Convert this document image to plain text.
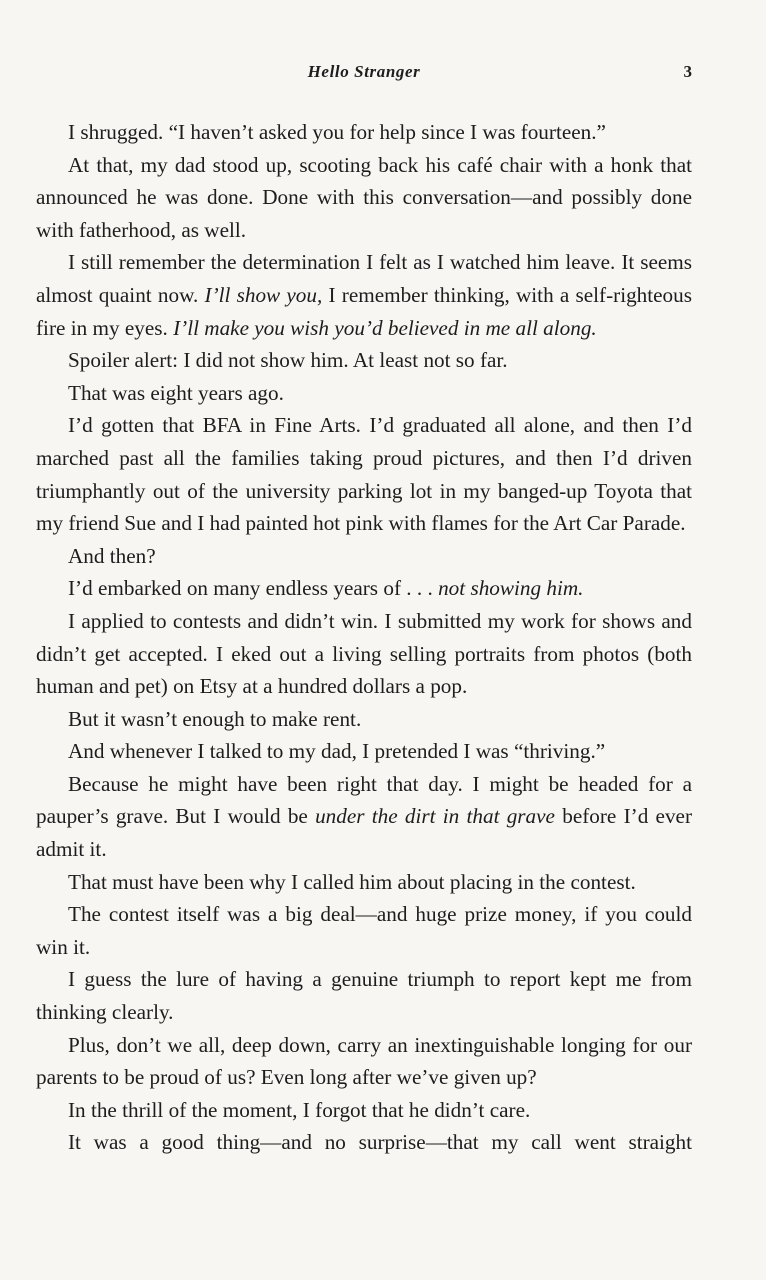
Hello Stranger	3

I shrugged. “I haven’t asked you for help since I was fourteen.”

At that, my dad stood up, scooting back his café chair with a honk that announced he was done. Done with this conversation—and possibly done with fatherhood, as well.

I still remember the determination I felt as I watched him leave. It seems almost quaint now. I’ll show you, I remember thinking, with a self-righteous fire in my eyes. I’ll make you wish you’d believed in me all along.

Spoiler alert: I did not show him. At least not so far.

That was eight years ago.

I’d gotten that BFA in Fine Arts. I’d graduated all alone, and then I’d marched past all the families taking proud pictures, and then I’d driven triumphantly out of the university parking lot in my banged-up Toyota that my friend Sue and I had painted hot pink with flames for the Art Car Parade.

And then?

I’d embarked on many endless years of . . . not showing him.

I applied to contests and didn’t win. I submitted my work for shows and didn’t get accepted. I eked out a living selling portraits from photos (both human and pet) on Etsy at a hundred dollars a pop.

But it wasn’t enough to make rent.

And whenever I talked to my dad, I pretended I was “thriving.”

Because he might have been right that day. I might be headed for a pauper’s grave. But I would be under the dirt in that grave before I’d ever admit it.

That must have been why I called him about placing in the contest.

The contest itself was a big deal—and huge prize money, if you could win it.

I guess the lure of having a genuine triumph to report kept me from thinking clearly.

Plus, don’t we all, deep down, carry an inextinguishable longing for our parents to be proud of us? Even long after we’ve given up?

In the thrill of the moment, I forgot that he didn’t care.

It was a good thing—and no surprise—that my call went straight
